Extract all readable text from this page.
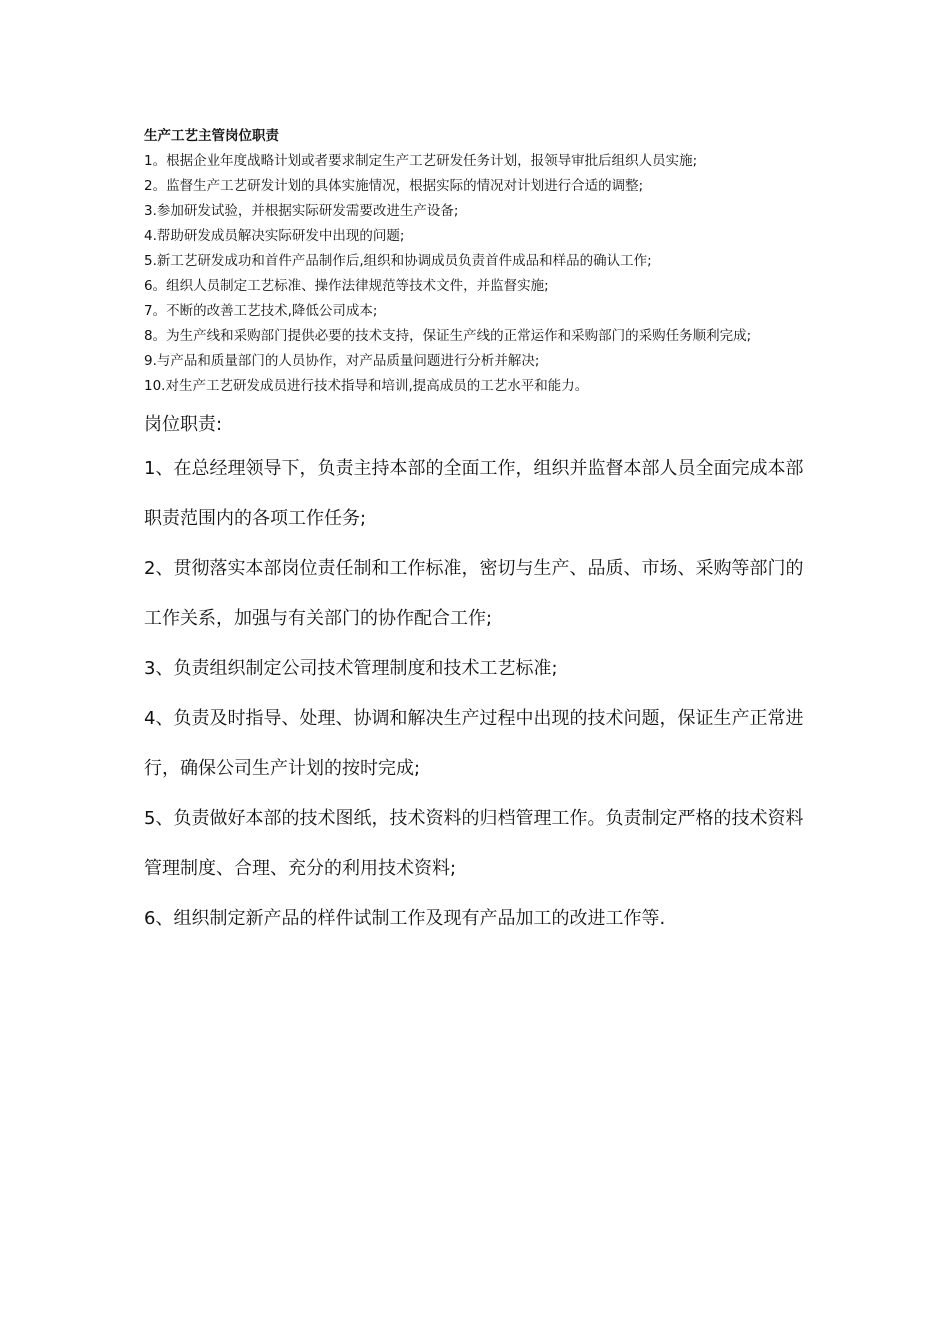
生产工艺主管岗位职责

1。根据企业年度战略计划或者要求制定生产工艺研发任务计划，报领导审批后组织人员实施;
2。监督生产工艺研发计划的具体实施情况，根据实际的情况对计划进行合适的调整;
3.参加研发试验，并根据实际研发需要改进生产设备;
4.帮助研发成员解决实际研发中出现的问题;
5.新工艺研发成功和首件产品制作后,组织和协调成员负责首件成品和样品的确认工作;
6。组织人员制定工艺标准、操作法律规范等技术文件，并监督实施;
7。不断的改善工艺技术,降低公司成本;
8。为生产线和采购部门提供必要的技术支持，保证生产线的正常运作和采购部门的采购任务顺利完成;
9.与产品和质量部门的人员协作，对产品质量问题进行分析并解决;
10.对生产工艺研发成员进行技术指导和培训,提高成员的工艺水平和能力。
岗位职责:
1、在总经理领导下，负责主持本部的全面工作，组织并监督本部人员全面完成本部职责范围内的各项工作任务;
2、贯彻落实本部岗位责任制和工作标准，密切与生产、品质、市场、采购等部门的工作关系，加强与有关部门的协作配合工作;
3、负责组织制定公司技术管理制度和技术工艺标准;
4、负责及时指导、处理、协调和解决生产过程中出现的技术问题，保证生产正常进行，确保公司生产计划的按时完成;
5、负责做好本部的技术图纸，技术资料的归档管理工作。负责制定严格的技术资料管理制度、合理、充分的利用技术资料;
6、组织制定新产品的样件试制工作及现有产品加工的改进工作等.
